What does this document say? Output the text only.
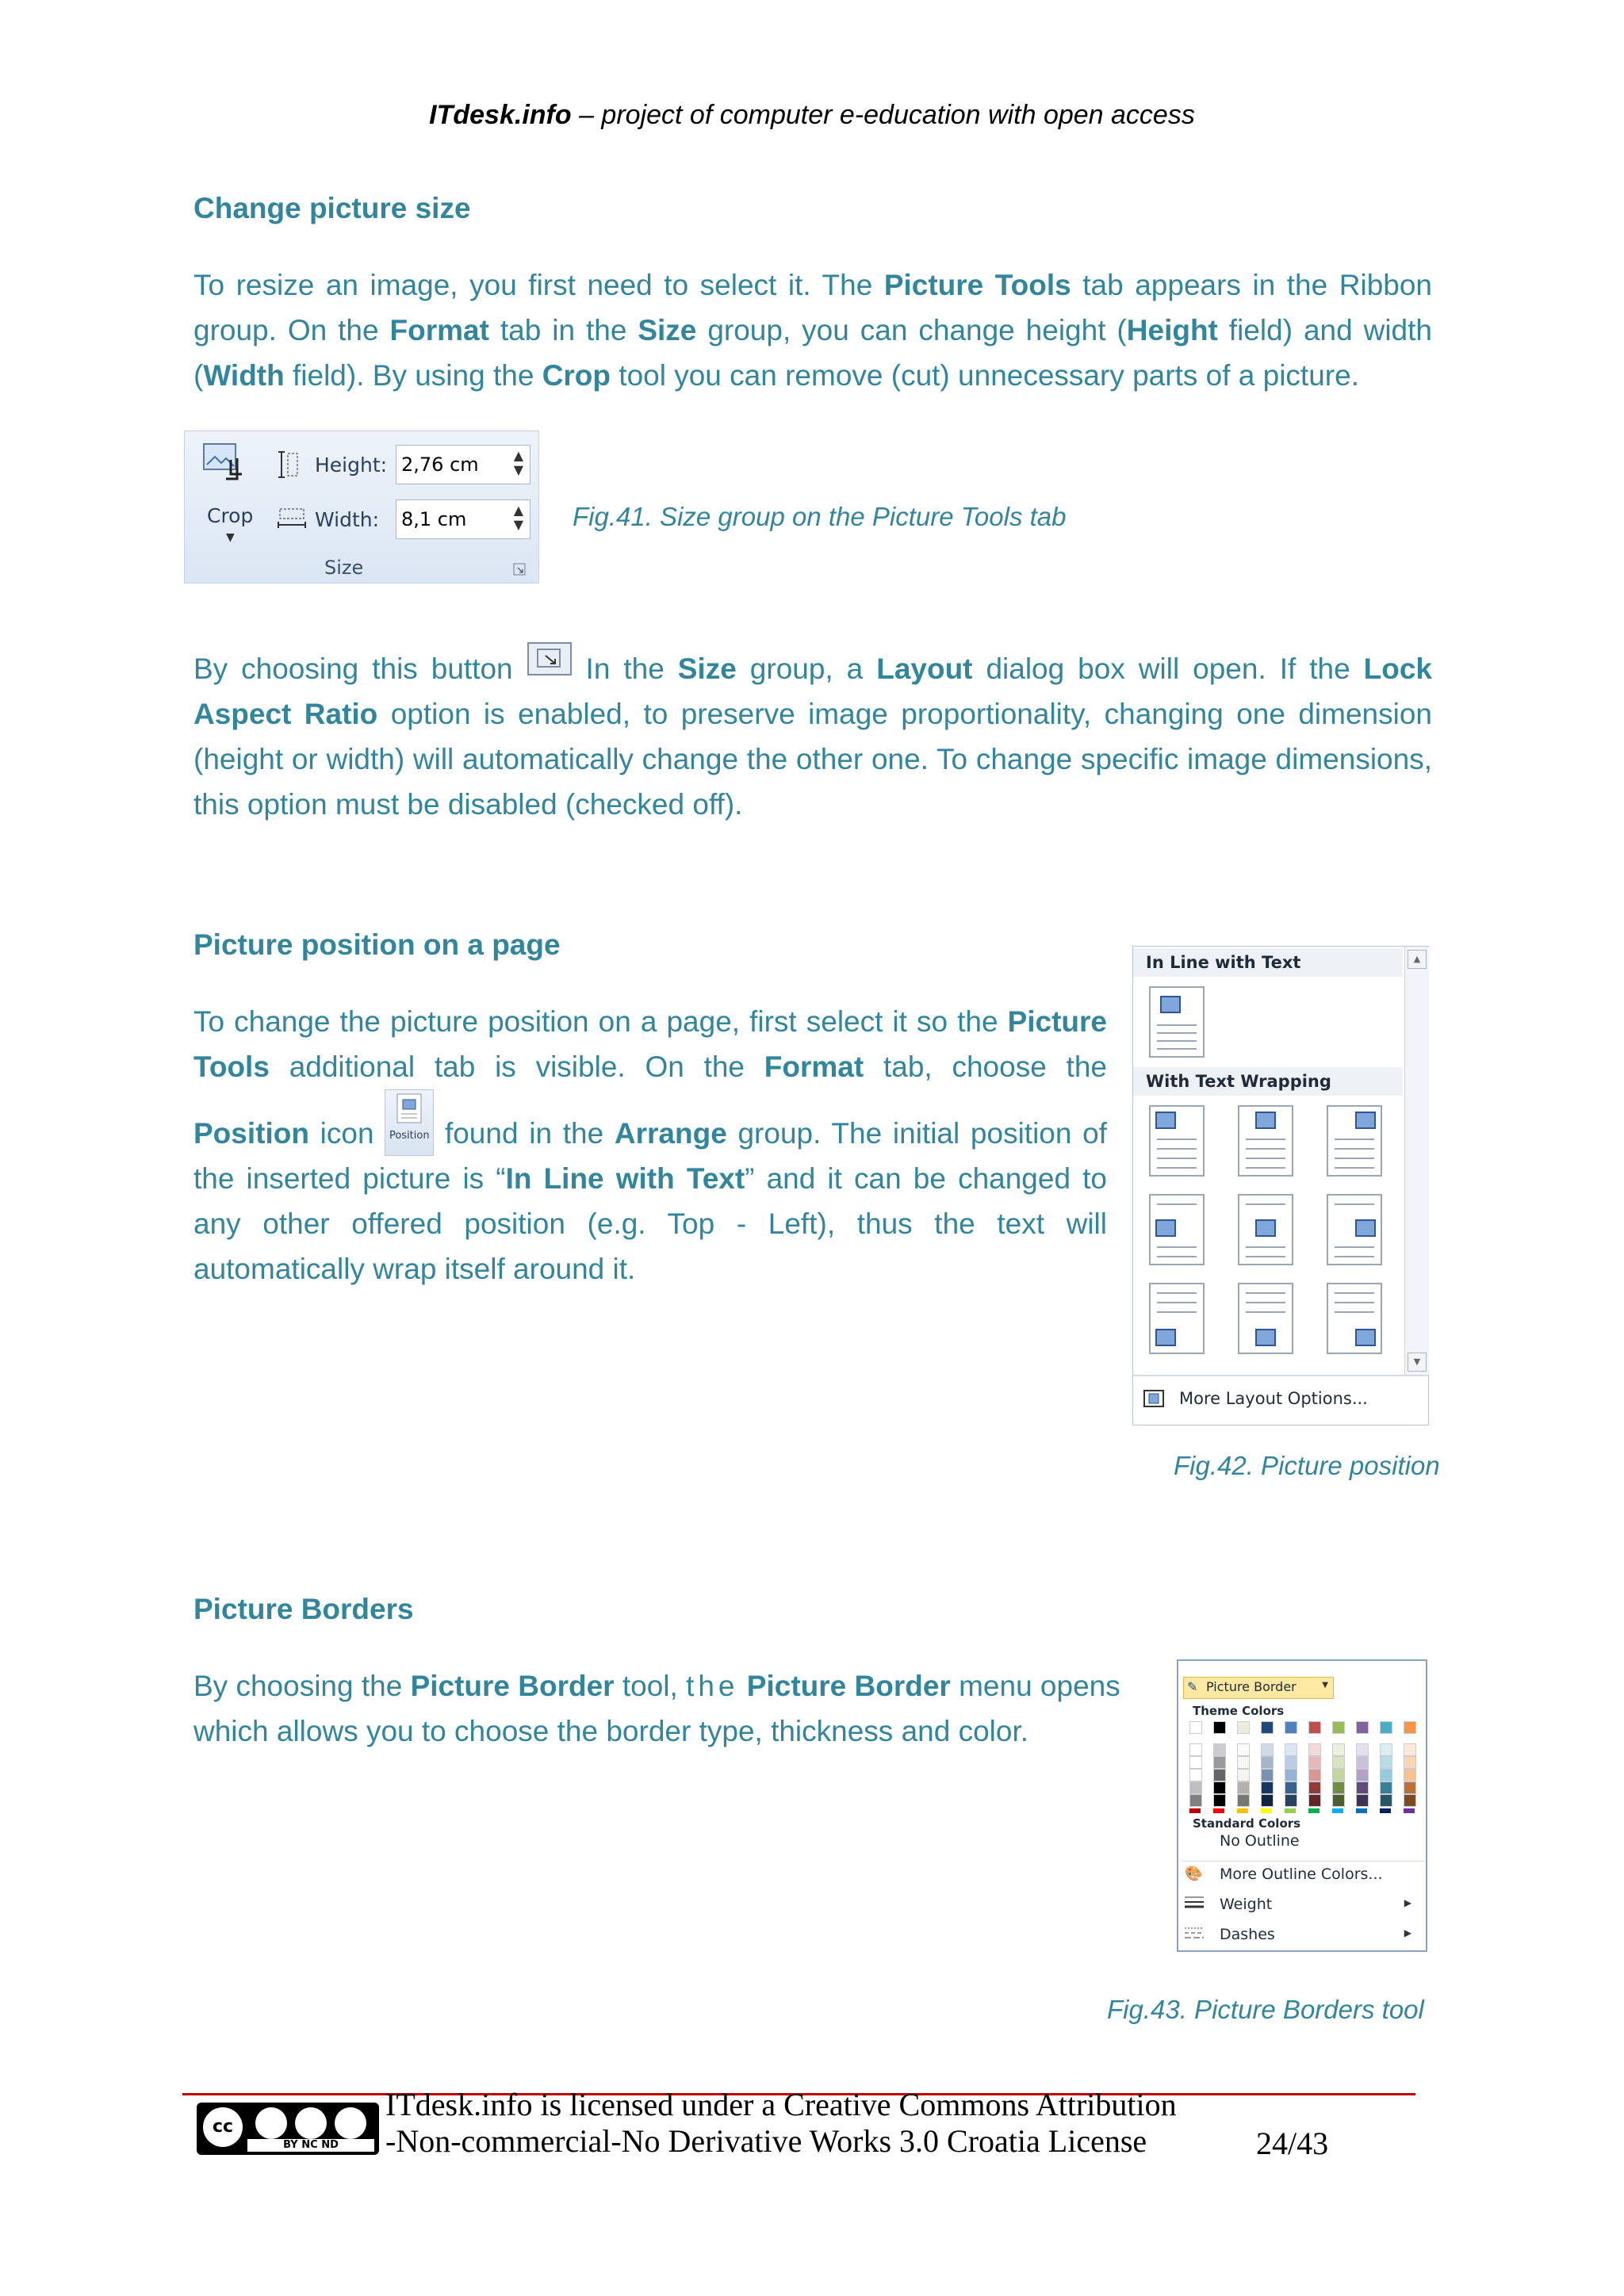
ITdesk.info – project of computer e-education with open access
Change picture size
To resize an image, you first need to select it. The Picture Tools tab appears in the Ribbon group. On the Format tab in the Size group, you can change height (Height field) and width (Width field). By using the Crop tool you can remove (cut) unnecessary parts of a picture.
Crop
▼
Height: 2,76 cm	▲
▼
Width: 8,1 cm	▲
▼
Size
Fig.41. Size group on the Picture Tools tab
By choosing this button  In the Size group, a Layout dialog box will open. If the Lock Aspect Ratio option is enabled, to preserve image proportionality, changing one dimension (height or width) will automatically change the other one. To change specific image dimensions, this option must be disabled (checked off).
Picture position on a page
To change the picture position on a page, first select it so the Picture Tools additional tab is visible. On the Format tab, choose the Position icon Position found in the Arrange group. The initial position of the inserted picture is “In Line with Text” and it can be changed to any other offered position (e.g. Top - Left), thus the text will automatically wrap itself around it.
In Line with Text
With Text Wrapping
▲
▼
More Layout Options...
Fig.42. Picture position
Picture Borders
By choosing the Picture Border tool, the Picture Border menu opens which allows you to choose the border type, thickness and color.
✎ Picture Border	▼
Theme Colors
Standard Colors
No Outline
🎨 More Outline Colors...
Weight	▶
Dashes	▶
Fig.43. Picture Borders tool
cc
BY NC ND
ITdesk.info is licensed under a Creative Commons Attribution
-Non-commercial-No Derivative Works 3.0 Croatia License	24/43
